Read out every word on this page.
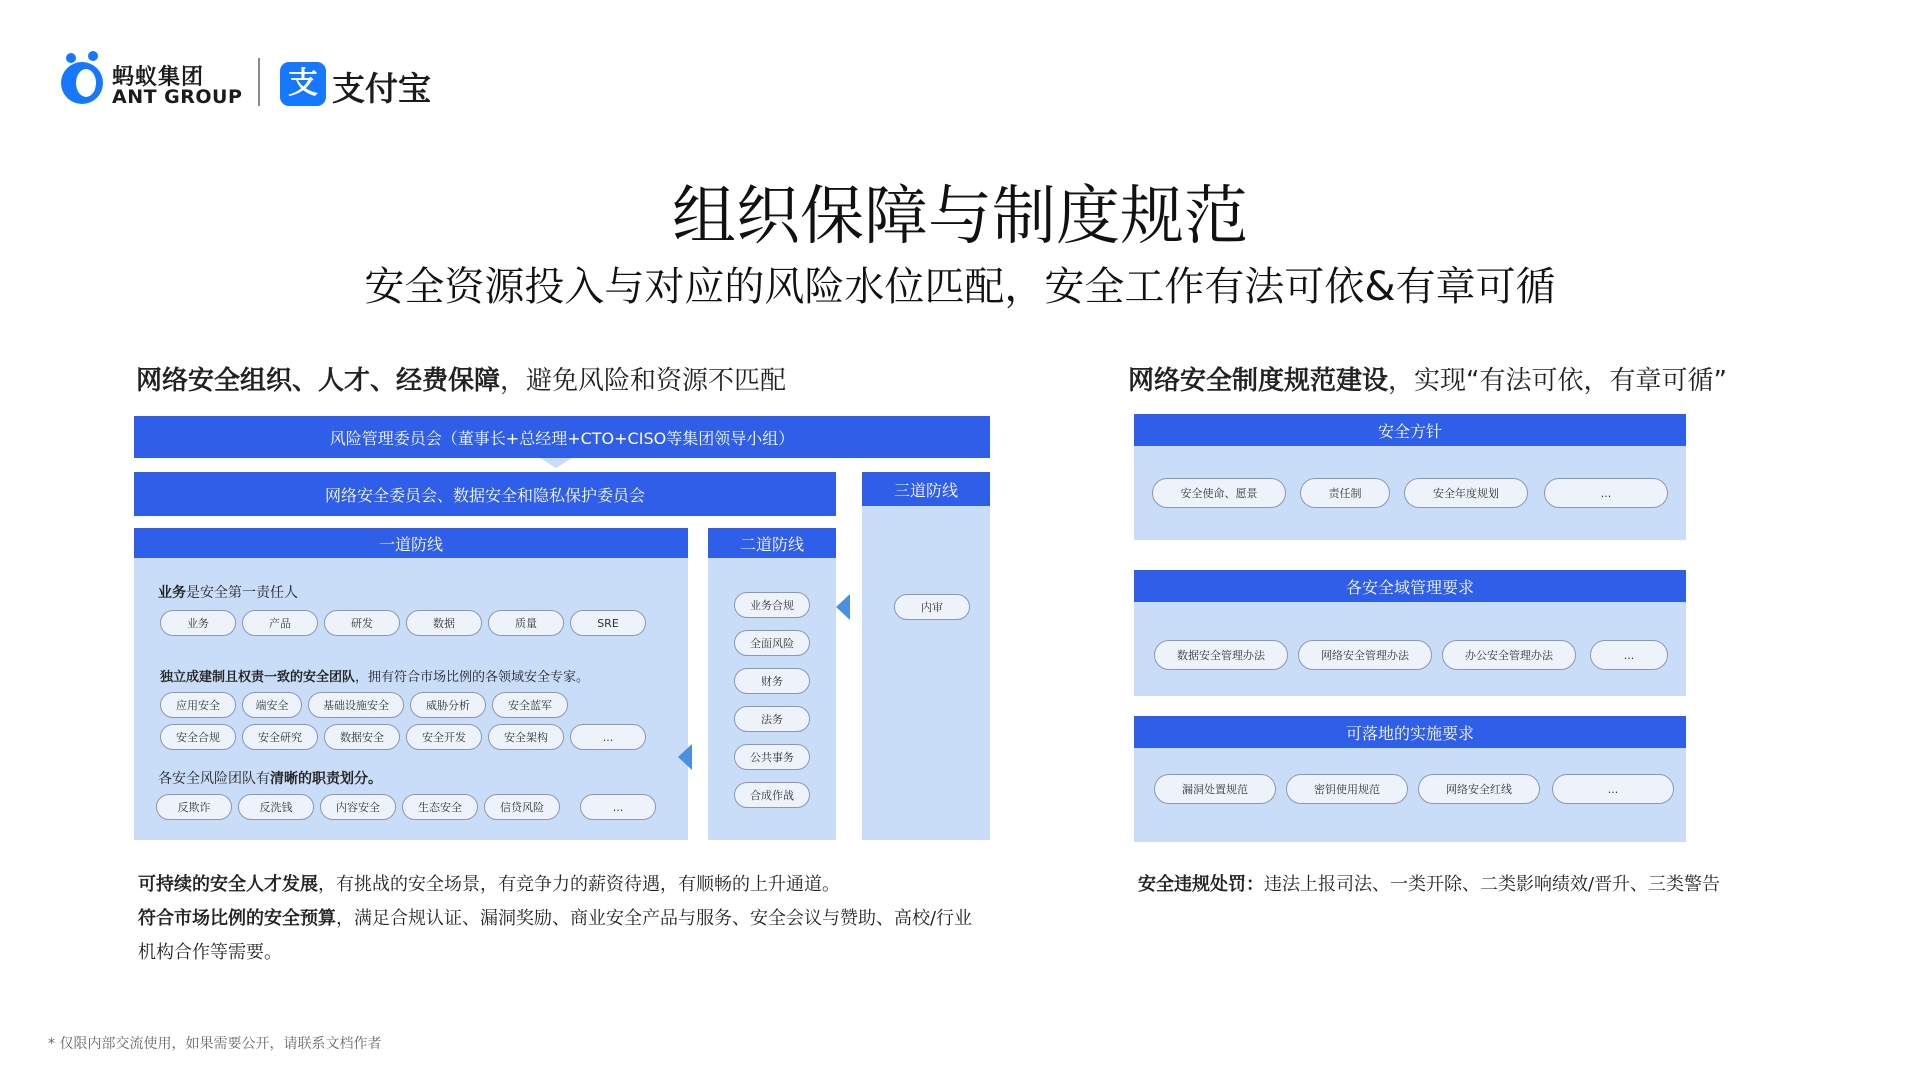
蚂蚁集团
ANT GROUP 支 支付宝
组织保障与制度规范
安全资源投入与对应的风险水位匹配，安全工作有法可依&有章可循
网络安全组织、人才、经费保障，避免风险和资源不匹配
风险管理委员会（董事长+总经理+CTO+CISO等集团领导小组）
网络安全委员会、数据安全和隐私保护委员会
一道防线
业务是安全第一责任人
业务	产品	研发	数据	质量	SRE
独立成建制且权责一致的安全团队，拥有符合市场比例的各领域安全专家。
应用安全	端安全	基础设施安全	威胁分析	安全蓝军
安全合规	安全研究	数据安全	安全开发	安全架构	...
各安全风险团队有清晰的职责划分。
反欺诈	反洗钱	内容安全	生态安全	信贷风险	...
二道防线
业务合规
全面风险
财务
法务
公共事务
合成作战
三道防线
内审
可持续的安全人才发展，有挑战的安全场景，有竞争力的薪资待遇，有顺畅的上升通道。
符合市场比例的安全预算，满足合规认证、漏洞奖励、商业安全产品与服务、安全会议与赞助、高校/行业
机构合作等需要。
网络安全制度规范建设，实现“有法可依，有章可循”
安全方针
安全使命、愿景	责任制	安全年度规划	...
各安全域管理要求
数据安全管理办法	网络安全管理办法	办公安全管理办法	...
可落地的实施要求
漏洞处置规范	密钥使用规范	网络安全红线	...
安全违规处罚：违法上报司法、一类开除、二类影响绩效/晋升、三类警告
* 仅限内部交流使用，如果需要公开，请联系文档作者
